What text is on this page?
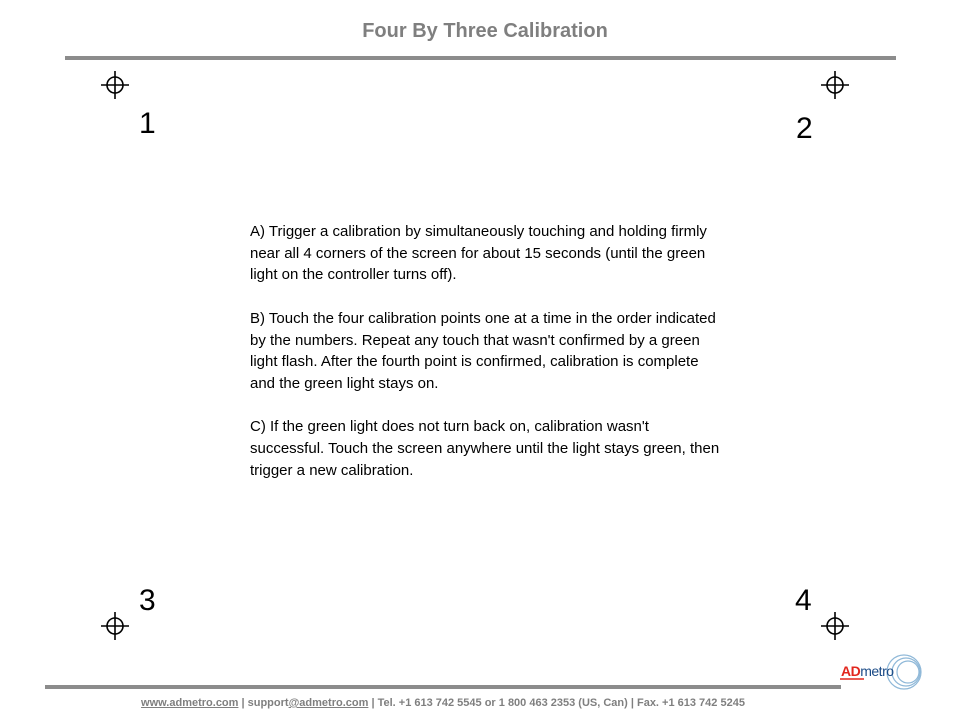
Four By Three Calibration
1	2
3	4

A) Trigger a calibration by simultaneously touching and holding firmly near all 4 corners of the screen for about 15 seconds (until the green light on the controller turns off).

B) Touch the four calibration points one at a time in the order indicated by the numbers. Repeat any touch that wasn't confirmed by a green light flash. After the fourth point is confirmed, calibration is complete and the green light stays on.

C) If the green light does not turn back on, calibration wasn't successful. Touch the screen anywhere until the light stays green, then trigger a new calibration.

ADmetro
www.admetro.com | support@admetro.com | Tel. +1 613 742 5545 or 1 800 463 2353 (US, Can) | Fax. +1 613 742 5245
